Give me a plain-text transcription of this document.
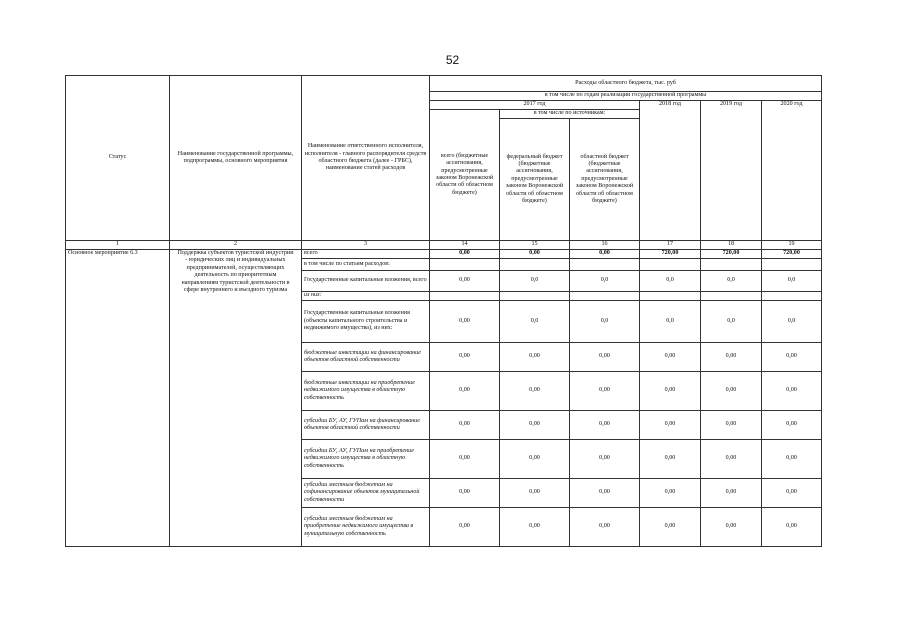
52
Статус	Наименование государственной программы, подпрограммы, основного мероприятия	Наименование ответственного исполнителя, исполнителя - главного распорядителя средств областного бюджета (далее - ГРБС), наименование статей расходов	Расходы областного бюджета, тыс. руб					
			в том числе по годам реализации государственной программы					
			2017 год			2018 год	2019 год	2020 год
			всего (бюджетные ассигнования, предусмотренные законом Воронежской области об областном бюджете)	в том числе по источникам:				
				федеральный бюджет (бюджетные ассигнования, предусмотренные законом Воронежской области об областном бюджете)	областной бюджет (бюджетные ассигнования, предусмотренные законом Воронежской области об областном бюджете)			
1	2	3	14	15	16	17	18	19
Основное мероприятие 6.3	Поддержка субъектов туристской индустрии - юридических лиц и индивидуальных предпринимателей, осуществляющих деятельность по приоритетным направлениям туристской деятельности в сфере внутреннего и въездного туризма	всего	0,00	0,00	0,00	720,00	720,00	720,00
		в том числе по статьям расходов:						
		Государственные капитальные вложения, всего	0,00	0,0	0,0	0,0	0,0	0,0
		из них:						
		Государственные капитальные вложения (объекты капитального строительства и недвижимого имущества), из них:	0,00	0,0	0,0	0,0	0,0	0,0
		бюджетные инвестиции на финансирование объектов областной собственности	0,00	0,00	0,00	0,00	0,00	0,00
		бюджетные инвестиции на приобретение недвижимого имущества в областную собственность	0,00	0,00	0,00	0,00	0,00	0,00
		субсидии БУ, АУ, ГУПам на финансирование объектов областной собственности	0,00	0,00	0,00	0,00	0,00	0,00
		субсидии БУ, АУ, ГУПам на приобретение недвижимого имущества в областную собственность	0,00	0,00	0,00	0,00	0,00	0,00
		субсидии местным бюджетам на софинансирование объектов муниципальной собственности	0,00	0,00	0,00	0,00	0,00	0,00
		субсидии местным бюджетам на приобретение недвижимого имущества в муниципальную собственность	0,00	0,00	0,00	0,00	0,00	0,00
